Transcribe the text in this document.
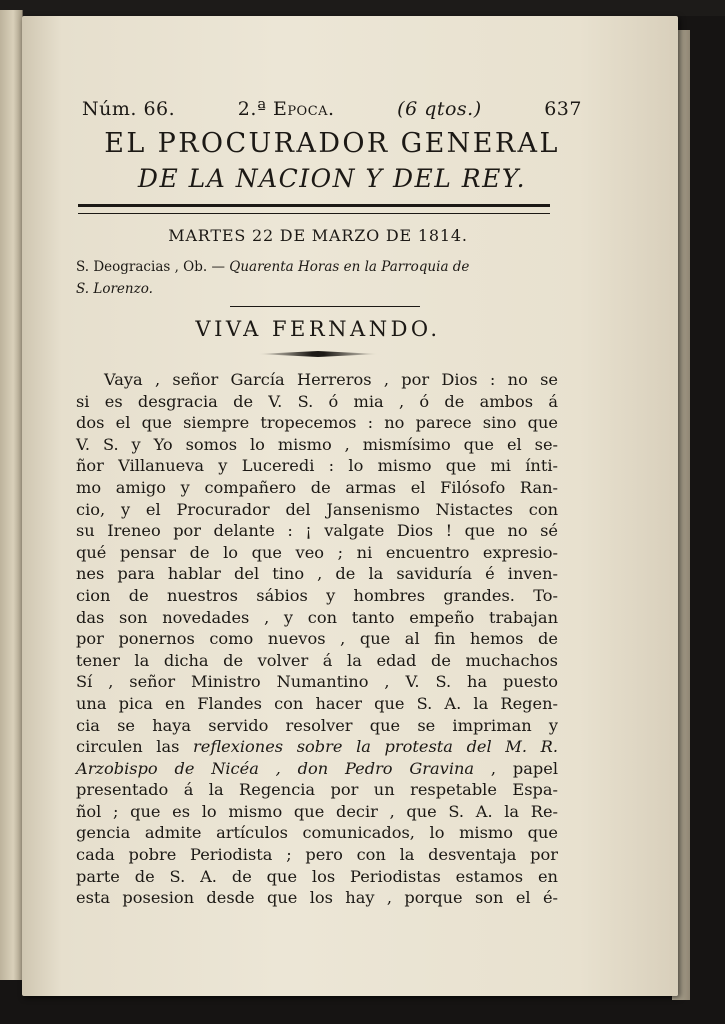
Núm. 66.	2.ª Epoca.	(6 qtos.)	637
EL PROCURADOR GENERAL
DE LA NACION Y DEL REY.
MARTES 22 DE MARZO DE 1814.
S. Deogracias , Ob. — Quarenta Horas en la Parroquia de
S. Lorenzo.
VIVA FERNANDO.
Vaya , señor García Herreros , por Dios : no se
si es desgracia de V. S. ó mia , ó de ambos á
dos el que siempre tropecemos : no parece sino que
V. S. y Yo somos lo mismo , mismísimo que el se-
ñor Villanueva y Luceredi : lo mismo que mi ínti-
mo amigo y compañero de armas el Filósofo Ran-
cio, y el Procurador del Jansenismo Nistactes con
su Ireneo por delante : ¡ valgate Dios ! que no sé
qué pensar de lo que veo ; ni encuentro expresio-
nes para hablar del tino , de la saviduría é inven-
cion de nuestros sábios y hombres grandes. To-
das son novedades , y con tanto empeño trabajan
por ponernos como nuevos , que al fin hemos de
tener la dicha de volver á la edad de muchachos
Sí , señor Ministro Numantino , V. S. ha puesto
una pica en Flandes con hacer que S. A. la Regen-
cia se haya servido resolver que se impriman y
circulen las reflexiones sobre la protesta del M. R.
Arzobispo de Nicéa , don Pedro Gravina , papel
presentado á la Regencia por un respetable Espa-
ñol ; que es lo mismo que decir , que S. A. la Re-
gencia admite artículos comunicados, lo mismo que
cada pobre Periodista ; pero con la desventaja por
parte de S. A. de que los Periodistas estamos en
esta posesion desde que los hay , porque son el é-
